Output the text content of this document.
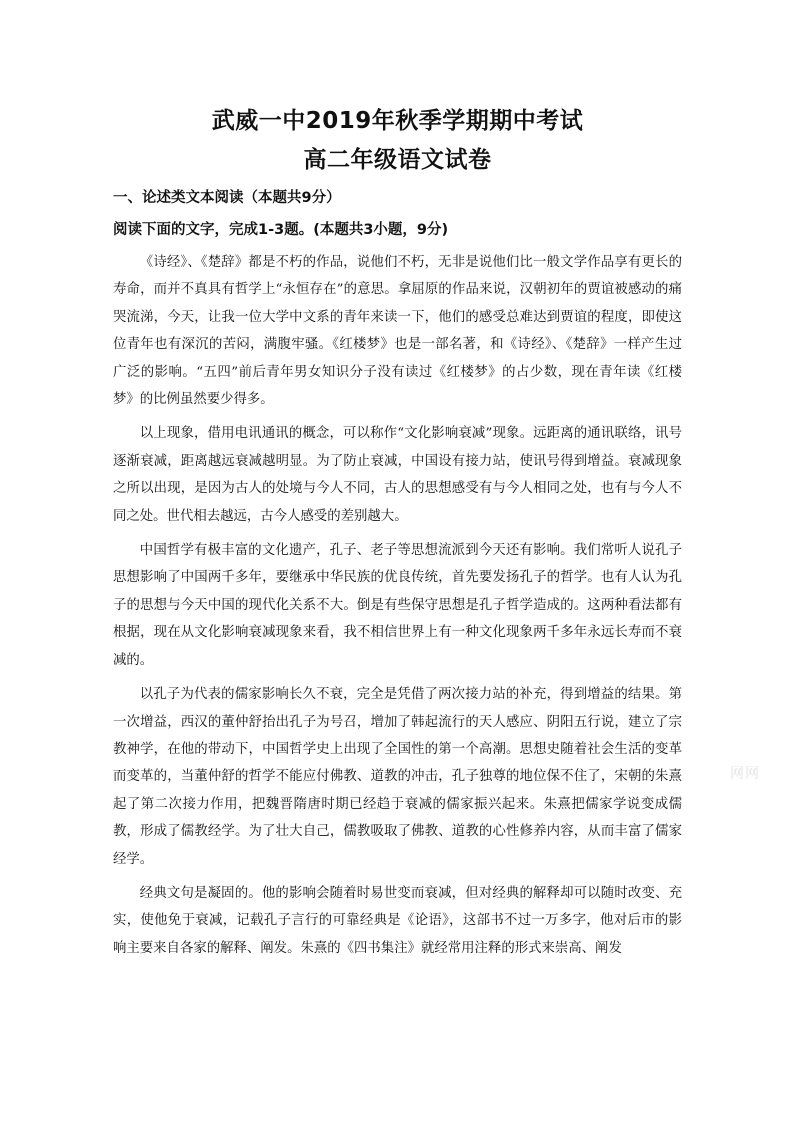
武威一中2019年秋季学期期中考试
高二年级语文试卷

一、论述类文本阅读（本题共9分）

阅读下面的文字，完成1-3题。(本题共3小题，9分)

《诗经》、《楚辞》都是不朽的作品，说他们不朽，无非是说他们比一般文学作品享有更长的寿命，而并不真具有哲学上“永恒存在”的意思。拿屈原的作品来说，汉朝初年的贾谊被感动的痛哭流涕，今天，让我一位大学中文系的青年来读一下，他们的感受总难达到贾谊的程度，即使这位青年也有深沉的苦闷，满腹牢骚。《红楼梦》也是一部名著，和《诗经》、《楚辞》一样产生过广泛的影响。“五四”前后青年男女知识分子没有读过《红楼梦》的占少数，现在青年读《红楼梦》的比例虽然要少得多。

以上现象，借用电讯通讯的概念，可以称作“文化影响衰减”现象。远距离的通讯联络，讯号逐渐衰减，距离越远衰减越明显。为了防止衰减，中国设有接力站，使讯号得到增益。衰减现象之所以出现，是因为古人的处境与今人不同，古人的思想感受有与今人相同之处，也有与今人不同之处。世代相去越远，古今人感受的差别越大。

中国哲学有极丰富的文化遗产，孔子、老子等思想流派到今天还有影响。我们常听人说孔子思想影响了中国两千多年，要继承中华民族的优良传统，首先要发扬孔子的哲学。也有人认为孔子的思想与今天中国的现代化关系不大。倒是有些保守思想是孔子哲学造成的。这两种看法都有根据，现在从文化影响衰减现象来看，我不相信世界上有一种文化现象两千多年永远长寿而不衰减的。

以孔子为代表的儒家影响长久不衰，完全是凭借了两次接力站的补充，得到增益的结果。第一次增益，西汉的董仲舒抬出孔子为号召，增加了韩起流行的天人感应、阴阳五行说，建立了宗教神学，在他的带动下，中国哲学史上出现了全国性的第一个高潮。思想史随着社会生活的变革而变革的，当董仲舒的哲学不能应付佛教、道教的冲击，孔子独尊的地位保不住了，宋朝的朱熹起了第二次接力作用，把魏晋隋唐时期已经趋于衰减的儒家振兴起来。朱熹把儒家学说变成儒教，形成了儒教经学。为了壮大自己，儒教吸取了佛教、道教的心性修养内容，从而丰富了儒家经学。

经典文句是凝固的。他的影响会随着时易世变而衰减，但对经典的解释却可以随时改变、充实，使他免于衰减，记载孔子言行的可靠经典是《论语》，这部书不过一万多字，他对后市的影响主要来自各家的解释、阐发。朱熹的《四书集注》就经常用注释的形式来崇高、阐发

网网
